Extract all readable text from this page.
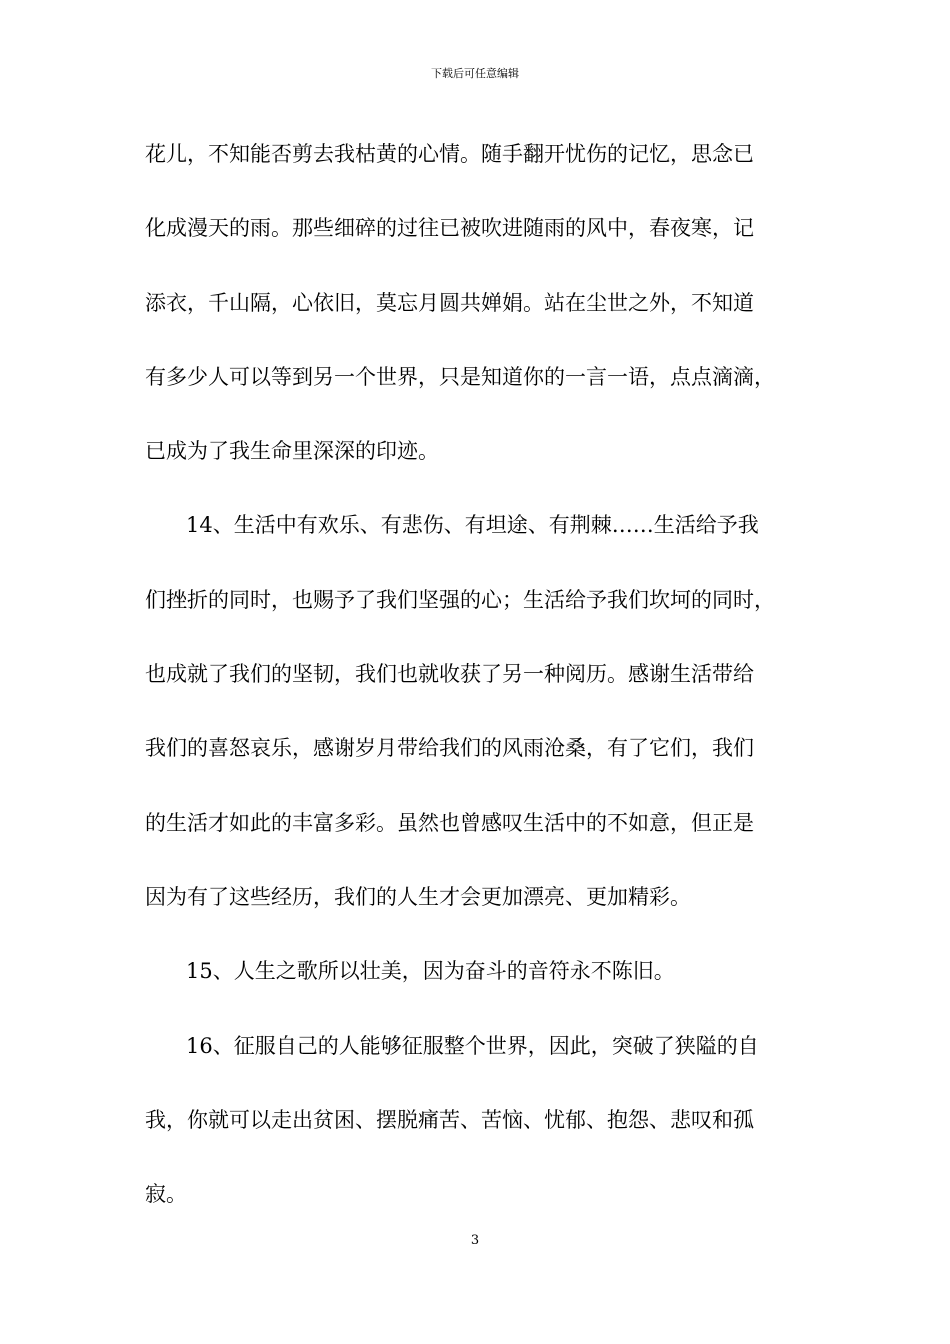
下载后可任意编辑
花儿，不知能否剪去我枯黄的心情。随手翻开忧伤的记忆，思念已
化成漫天的雨。那些细碎的过往已被吹进随雨的风中，春夜寒，记
添衣，千山隔，心依旧，莫忘月圆共婵娟。站在尘世之外，不知道
有多少人可以等到另一个世界，只是知道你的一言一语，点点滴滴，
已成为了我生命里深深的印迹。
14、生活中有欢乐、有悲伤、有坦途、有荆棘……生活给予我
们挫折的同时，也赐予了我们坚强的心；生活给予我们坎坷的同时，
也成就了我们的坚韧，我们也就收获了另一种阅历。感谢生活带给
我们的喜怒哀乐，感谢岁月带给我们的风雨沧桑，有了它们，我们
的生活才如此的丰富多彩。虽然也曾感叹生活中的不如意，但正是
因为有了这些经历，我们的人生才会更加漂亮、更加精彩。
15、人生之歌所以壮美，因为奋斗的音符永不陈旧。
16、征服自己的人能够征服整个世界，因此，突破了狭隘的自
我，你就可以走出贫困、摆脱痛苦、苦恼、忧郁、抱怨、悲叹和孤
寂。
3
